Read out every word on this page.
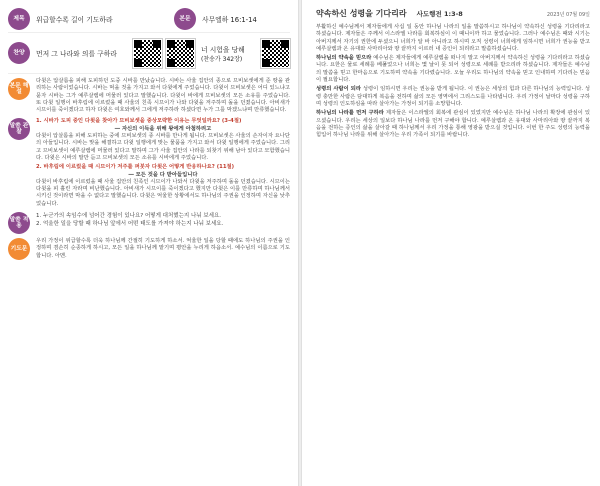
제목	위급할수록 길이 기도하라	본문	사무엘하 16:1-14
찬양	먼저 그 나라와 의를 구하라
너 시험을 당해
(찬송가 342장)
본문 해설
다윗은 압살롬을 피해 도피하던 도중 시바를 만났습니다. 시바는 사울 집안의 종으로 므비보셋에게 준 땅을 관리하는 사람이었습니다. 시바는 먹을 것을 가지고 와서 다윗에게 주었습니다. 다윗이 므비보셋은 어디 있느냐고 묻자 시바는 그가 예루살렘에 머물러 있다고 말했습니다. 다윗이 바에게 므비보셋의 모든 소유를 주었습니다. 또 다윗 일행이 바후림에 이르렀을 때 사울의 친족 시므이가 나와 다윗을 저주하며 돌을 던졌습니다. 아비새가 시므이를 죽이겠다고 하자 다윗은 여호와께서 그에게 저주하라 하셨다면 누가 그를 막겠느냐며 만류했습니다.
말씀 관찰
1. 시바가 도피 중인 다윗을 찾아가 므비보셋을 중상모략한 이유는 무엇일까요? (3-4절)
― 자신의 이득을 위해 왕에게 아첨하려고
다윗이 압살롬을 피해 도피하는 중에 므비보셋의 종 시바를 만나게 됩니다. 므비보셋은 사울의 손자이자 요나단의 아들입니다. 시바는 맞을 해결하고 다윗 일행에게 맞는 물품을 가지고 와서 다윗 일행에게 주었습니다. 그리고 므비보셋이 예루살렘에 머물러 있다고 말하며 그가 사울 집안의 나라를 되찾기 위해 남아 있다고 모함했습니다. 다윗은 시바의 말만 듣고 므비보셋의 모든 소유를 시바에게 주었습니다.
2. 바후림에 이르렀을 때 시므이가 저주를 퍼붓자 다윗은 어떻게 반응하나요? (11절)
― 모든 것을 다 받아들입니다
다윗이 바후림에 이르렀을 때 사울 집안의 친족인 시므이가 나와서 다윗을 저주하며 돌을 던졌습니다. 시므이는 다윗을 피 흘린 자라며 비난했습니다. 아비새가 시므이를 죽이겠다고 했지만 다윗은 이를 만류하며 하나님께서 시키신 것이라면 막을 수 없다고 말했습니다. 다윗은 억울한 상황에서도 하나님의 주권을 인정하며 자신을 낮추었습니다.
말씀 적용
1. 누군가의 속임수에 넘어간 경험이 있나요? 어떻게 대처했는지 나눠 보세요.
2. 억울한 일을 당할 때 하나님 앞에서 어떤 태도를 가져야 하는지 나눠 보세요.
기도문
우리 가정이 위급할수록 더욱 하나님께 간절히 기도하게 하소서. 억울한 일을 당할 때에도 하나님의 주권을 인정하며 겸손히 순종하게 하시고, 모든 일을 하나님께 맡기며 평안을 누리게 하옵소서. 예수님의 이름으로 기도합니다. 아멘.
약속하신 성령을 기다리라 사도행전 1:3-8	2023년 07월 09일
부활하신 예수님께서 제자들에게 사십 일 동안 하나님 나라의 일을 말씀하시고 하나님이 약속하신 성령을 기다리라고 하셨습니다. 제자들은 주께서 이스라엘 나라를 회복하심이 이 때니이까 하고 물었습니다. 그러나 예수님은 때와 시기는 아버지께서 자기의 권한에 두셨으니 너희가 알 바 아니라고 하시며 오직 성령이 너희에게 임하시면 너희가 권능을 받고 예루살렘과 온 유대와 사마리아와 땅 끝까지 이르러 내 증인이 되리라고 말씀하셨습니다.
하나님의 약속을 믿으라 예수님은 제자들에게 예루살렘을 떠나지 말고 아버지께서 약속하신 성령을 기다리라고 하셨습니다. 요한은 물로 세례를 베풀었으나 너희는 몇 날이 못 되어 성령으로 세례를 받으리라 하셨습니다. 제자들은 예수님의 말씀을 믿고 한마음으로 기도하며 약속을 기다렸습니다. 오늘 우리도 하나님의 약속을 믿고 인내하며 기다리는 믿음이 필요합니다.
성령의 사람이 되라 성령이 임하시면 우리는 권능을 받게 됩니다. 이 권능은 세상의 힘과 다른 하나님의 능력입니다. 성령 충만한 사람은 담대하게 복음을 전하며 삶의 모든 영역에서 그리스도를 나타냅니다. 우리 가정이 날마다 성령을 구하며 성령의 인도하심을 따라 살아가는 가정이 되기를 소망합니다.
하나님의 나라를 먼저 구하라 제자들은 이스라엘의 회복에 관심이 있었지만 예수님은 하나님 나라의 확장에 관심이 있으셨습니다. 우리는 세상의 일보다 하나님 나라를 먼저 구해야 합니다. 예루살렘과 온 유대와 사마리아와 땅 끝까지 복음을 전하는 증인의 삶을 살아갈 때 하나님께서 우리 가정을 통해 영광을 받으실 것입니다. 이번 한 주도 성령의 능력을 힘입어 하나님 나라를 위해 살아가는 우리 가족이 되기를 바랍니다.
